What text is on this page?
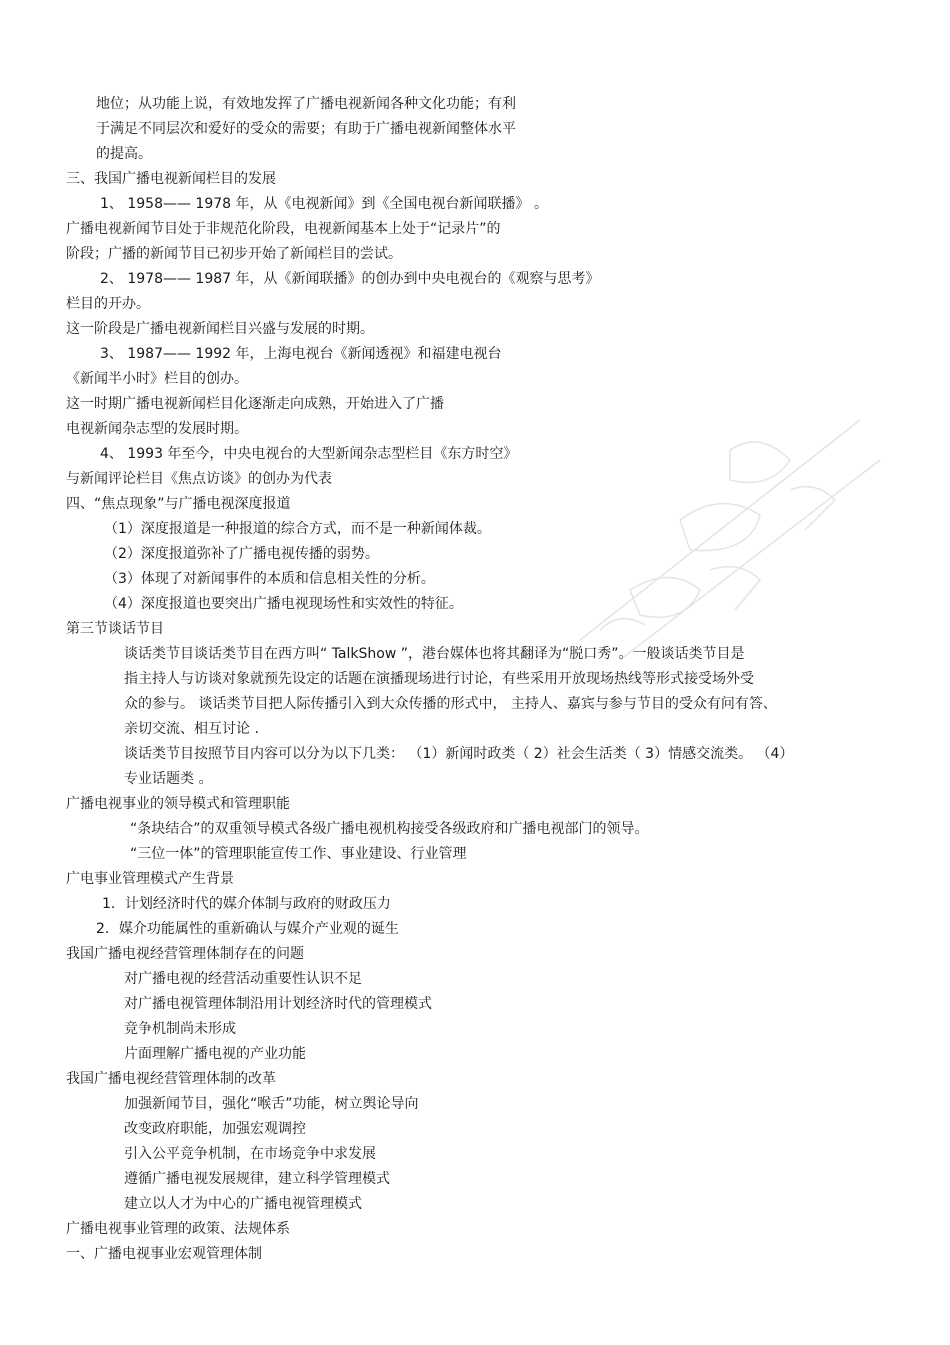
地位；从功能上说，有效地发挥了广播电视新闻各种文化功能；有利
于满足不同层次和爱好的受众的需要；有助于广播电视新闻整体水平
的提高。
三、我国广播电视新闻栏目的发展
1、 1958—— 1978 年，从《电视新闻》到《全国电视台新闻联播》 。
广播电视新闻节目处于非规范化阶段，电视新闻基本上处于“记录片”的
阶段；广播的新闻节目已初步开始了新闻栏目的尝试。
2、 1978—— 1987 年，从《新闻联播》的创办到中央电视台的《观察与思考》
栏目的开办。
这一阶段是广播电视新闻栏目兴盛与发展的时期。
3、 1987—— 1992 年，上海电视台《新闻透视》和福建电视台
《新闻半小时》栏目的创办。
这一时期广播电视新闻栏目化逐渐走向成熟，开始进入了广播
电视新闻杂志型的发展时期。
4、 1993 年至今，中央电视台的大型新闻杂志型栏目《东方时空》
与新闻评论栏目《焦点访谈》的创办为代表
四、“焦点现象”与广播电视深度报道
（1）深度报道是一种报道的综合方式，而不是一种新闻体裁。
（2）深度报道弥补了广播电视传播的弱势。
（3）体现了对新闻事件的本质和信息相关性的分析。
（4）深度报道也要突出广播电视现场性和实效性的特征。
第三节谈话节目
谈话类节目谈话类节目在西方叫“ TalkShow ”，港台媒体也将其翻译为“脱口秀”。一般谈话类节目是
指主持人与访谈对象就预先设定的话题在演播现场进行讨论，有些采用开放现场热线等形式接受场外受
众的参与。 谈话类节目把人际传播引入到大众传播的形式中， 主持人、嘉宾与参与节目的受众有问有答、
亲切交流、相互讨论 .
谈话类节目按照节目内容可以分为以下几类： （1）新闻时政类（ 2）社会生活类（ 3）情感交流类。 （4）
专业话题类 。
广播电视事业的领导模式和管理职能
“条块结合”的双重领导模式各级广播电视机构接受各级政府和广播电视部门的领导。
“三位一体”的管理职能宣传工作、事业建设、行业管理
广电事业管理模式产生背景
1．计划经济时代的媒介体制与政府的财政压力
2．媒介功能属性的重新确认与媒介产业观的诞生
我国广播电视经营管理体制存在的问题
对广播电视的经营活动重要性认识不足
对广播电视管理体制沿用计划经济时代的管理模式
竞争机制尚未形成
片面理解广播电视的产业功能
我国广播电视经营管理体制的改革
加强新闻节目，强化“喉舌”功能，树立舆论导向
改变政府职能，加强宏观调控
引入公平竞争机制，在市场竞争中求发展
遵循广播电视发展规律，建立科学管理模式
建立以人才为中心的广播电视管理模式
广播电视事业管理的政策、法规体系
一、广播电视事业宏观管理体制
